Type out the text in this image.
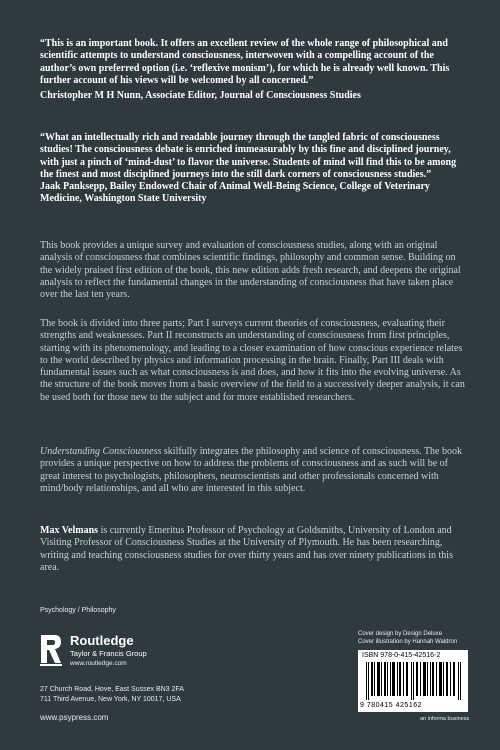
“This is an important book. It offers an excellent review of the whole range of philosophical and scientific attempts to understand consciousness, interwoven with a compelling account of the author’s own preferred option (i.e. ‘reflexive monism’), for which he is already well known. This further account of his views will be welcomed by all concerned.”

Christopher M H Nunn, Associate Editor, Journal of Consciousness Studies

“What an intellectually rich and readable journey through the tangled fabric of consciousness studies! The consciousness debate is enriched immeasurably by this fine and disciplined journey, with just a pinch of ‘mind-dust’ to flavor the universe. Students of mind will find this to be among the finest and most disciplined journeys into the still dark corners of consciousness studies.”

Jaak Panksepp, Bailey Endowed Chair of Animal Well-Being Science, College of Veterinary Medicine, Washington State University

This book provides a unique survey and evaluation of consciousness studies, along with an original analysis of consciousness that combines scientific findings, philosophy and common sense. Building on the widely praised first edition of the book, this new edition adds fresh research, and deepens the original analysis to reflect the fundamental changes in the understanding of consciousness that have taken place over the last ten years.

The book is divided into three parts; Part I surveys current theories of consciousness, evaluating their strengths and weaknesses. Part II reconstructs an understanding of consciousness from first principles, starting with its phenomenology, and leading to a closer examination of how conscious experience relates to the world described by physics and information processing in the brain. Finally, Part III deals with fundamental issues such as what consciousness is and does, and how it fits into the evolving universe. As the structure of the book moves from a basic overview of the field to a successively deeper analysis, it can be used both for those new to the subject and for more established researchers.

Understanding Consciousness skilfully integrates the philosophy and science of consciousness. The book provides a unique perspective on how to address the problems of consciousness and as such will be of great interest to psychologists, philosophers, neuroscientists and other professionals concerned with mind/body relationships, and all who are interested in this subject.

Max Velmans is currently Emeritus Professor of Psychology at Goldsmiths, University of London and Visiting Professor of Consciousness Studies at the University of Plymouth. He has been researching, writing and teaching consciousness studies for over thirty years and has over ninety publications in this area.

Psychology / Philosophy
Routledge
Taylor & Francis Group
www.routledge.com
27 Church Road, Hove, East Sussex BN3 2FA
711 Third Avenue, New York, NY 10017, USA
www.psypress.com
Cover design by Design Deluxe
Cover illustration by Hannah Waldron
ISBN 978-0-415-42516-2
9 780415 425162
an informa business
